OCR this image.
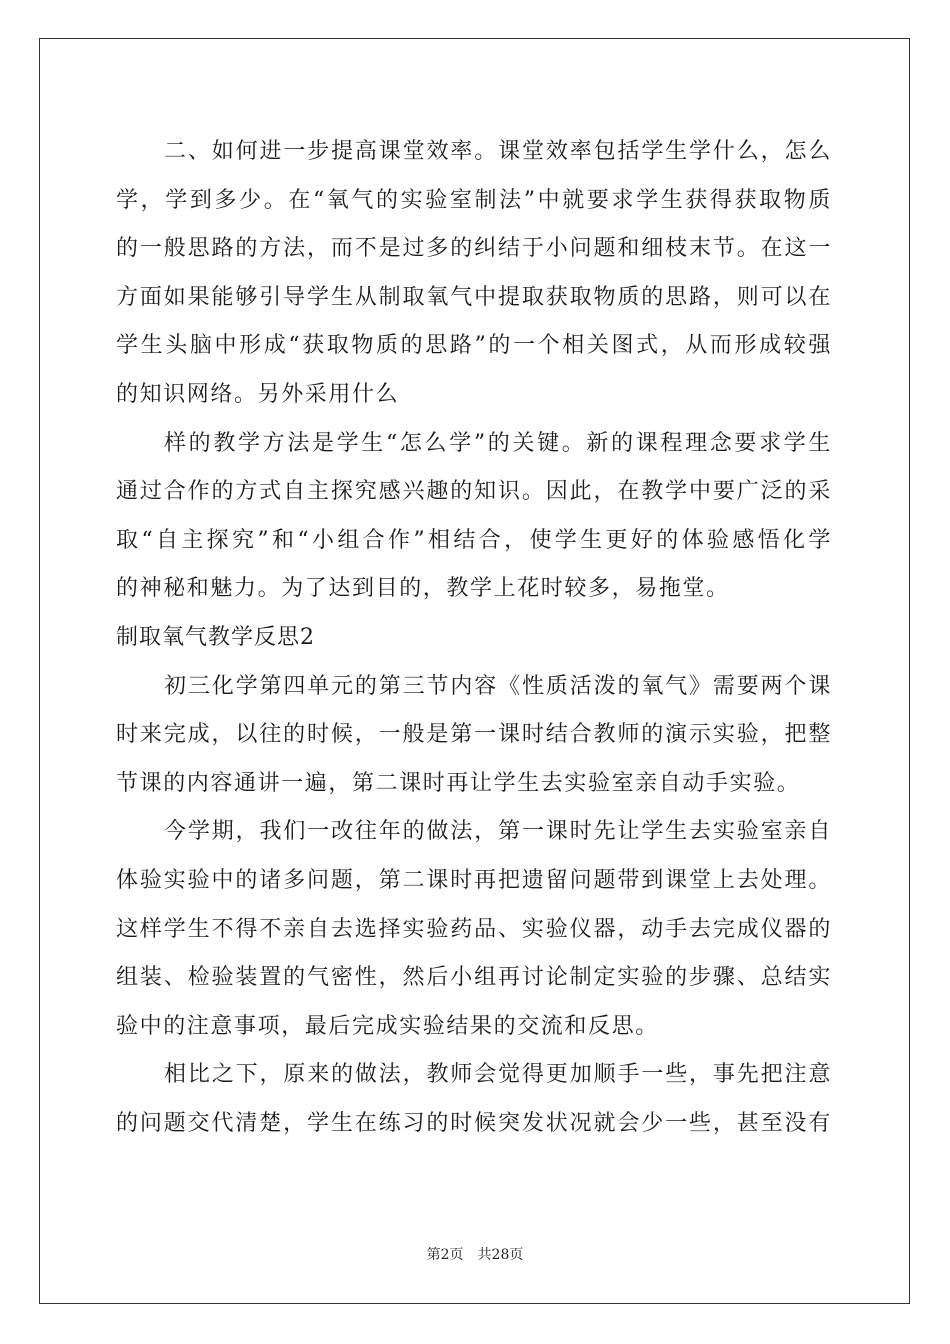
二、如何进一步提高课堂效率。课堂效率包括学生学什么，怎么
学，学到多少。在“氧气的实验室制法”中就要求学生获得获取物质
的一般思路的方法，而不是过多的纠结于小问题和细枝末节。在这一
方面如果能够引导学生从制取氧气中提取获取物质的思路，则可以在
学生头脑中形成“获取物质的思路”的一个相关图式，从而形成较强
的知识网络。另外采用什么
样的教学方法是学生“怎么学”的关键。新的课程理念要求学生
通过合作的方式自主探究感兴趣的知识。因此，在教学中要广泛的采
取“自主探究”和“小组合作”相结合，使学生更好的体验感悟化学
的神秘和魅力。为了达到目的，教学上花时较多，易拖堂。
制取氧气教学反思2
初三化学第四单元的第三节内容《性质活泼的氧气》需要两个课
时来完成，以往的时候，一般是第一课时结合教师的演示实验，把整
节课的内容通讲一遍，第二课时再让学生去实验室亲自动手实验。
今学期，我们一改往年的做法，第一课时先让学生去实验室亲自
体验实验中的诸多问题，第二课时再把遗留问题带到课堂上去处理。
这样学生不得不亲自去选择实验药品、实验仪器，动手去完成仪器的
组装、检验装置的气密性，然后小组再讨论制定实验的步骤、总结实
验中的注意事项，最后完成实验结果的交流和反思。
相比之下，原来的做法，教师会觉得更加顺手一些，事先把注意
的问题交代清楚，学生在练习的时候突发状况就会少一些，甚至没有
第2页　共28页
